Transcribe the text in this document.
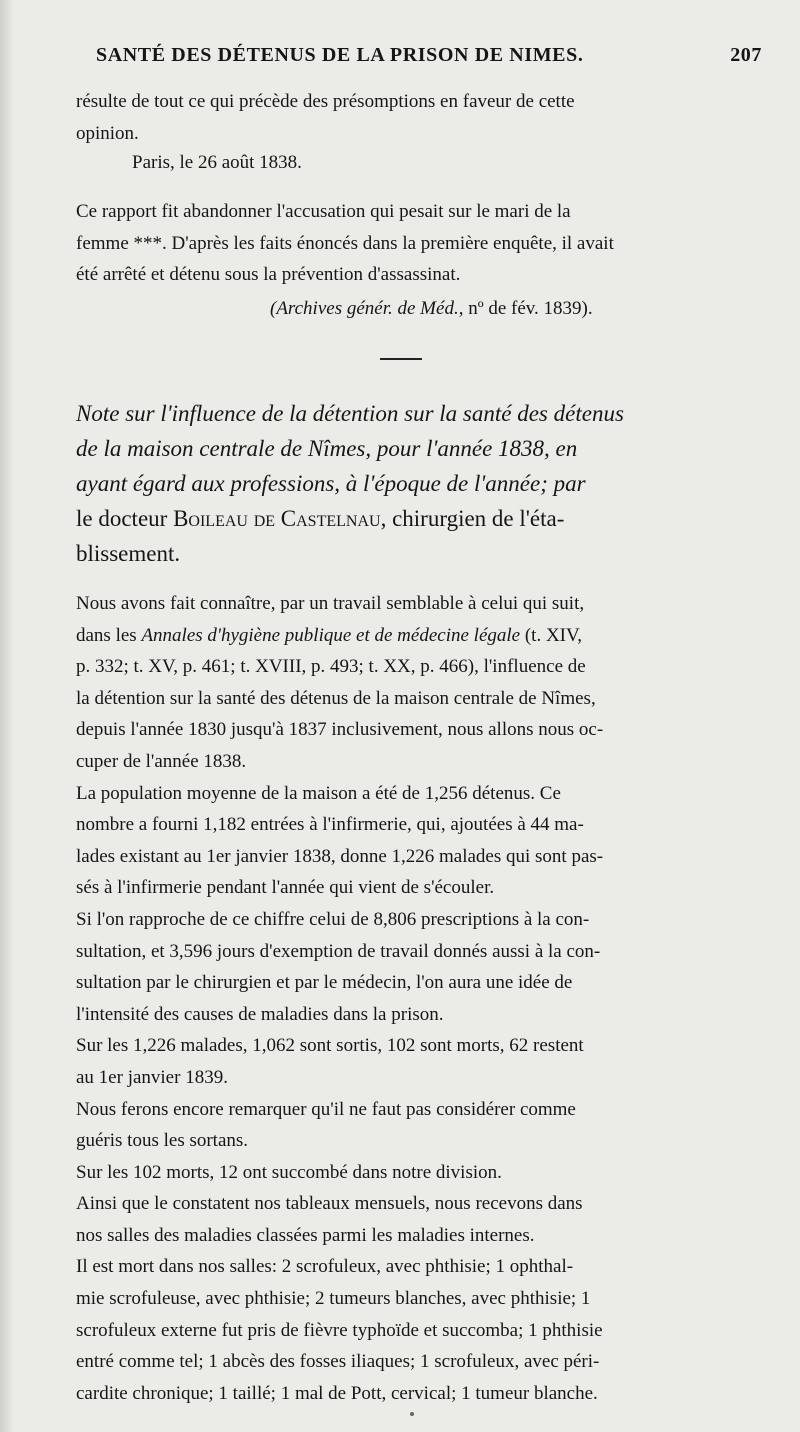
SANTÉ DES DÉTENUS DE LA PRISON DE NIMES.	207

résulte de tout ce qui précède des présomptions en faveur de cette

opinion.

Paris, le 26 août 1838.

Ce rapport fit abandonner l'accusation qui pesait sur le mari de la

femme ***. D'après les faits énoncés dans la première enquête, il avait

été arrêté et détenu sous la prévention d'assassinat.

(Archives génér. de Méd., nº de fév. 1839).
Note sur l'influence de la détention sur la santé des détenus
de la maison centrale de Nîmes, pour l'année 1838, en
ayant égard aux professions, à l'époque de l'année; par
le docteur Boileau de Castelnau, chirurgien de l'éta-
blissement.

Nous avons fait connaître, par un travail semblable à celui qui suit,

dans les Annales d'hygiène publique et de médecine légale (t. XIV,

p. 332; t. XV, p. 461; t. XVIII, p. 493; t. XX, p. 466), l'influence de

la détention sur la santé des détenus de la maison centrale de Nîmes,

depuis l'année 1830 jusqu'à 1837 inclusivement, nous allons nous oc-

cuper de l'année 1838.

La population moyenne de la maison a été de 1,256 détenus. Ce

nombre a fourni 1,182 entrées à l'infirmerie, qui, ajoutées à 44 ma-

lades existant au 1er janvier 1838, donne 1,226 malades qui sont pas-

sés à l'infirmerie pendant l'année qui vient de s'écouler.

Si l'on rapproche de ce chiffre celui de 8,806 prescriptions à la con-

sultation, et 3,596 jours d'exemption de travail donnés aussi à la con-

sultation par le chirurgien et par le médecin, l'on aura une idée de

l'intensité des causes de maladies dans la prison.

Sur les 1,226 malades, 1,062 sont sortis, 102 sont morts, 62 restent

au 1er janvier 1839.

Nous ferons encore remarquer qu'il ne faut pas considérer comme

guéris tous les sortans.

Sur les 102 morts, 12 ont succombé dans notre division.

Ainsi que le constatent nos tableaux mensuels, nous recevons dans

nos salles des maladies classées parmi les maladies internes.

Il est mort dans nos salles: 2 scrofuleux, avec phthisie; 1 ophthal-

mie scrofuleuse, avec phthisie; 2 tumeurs blanches, avec phthisie; 1

scrofuleux externe fut pris de fièvre typhoïde et succomba; 1 phthisie

entré comme tel; 1 abcès des fosses iliaques; 1 scrofuleux, avec péri-

cardite chronique; 1 taillé; 1 mal de Pott, cervical; 1 tumeur blanche.
